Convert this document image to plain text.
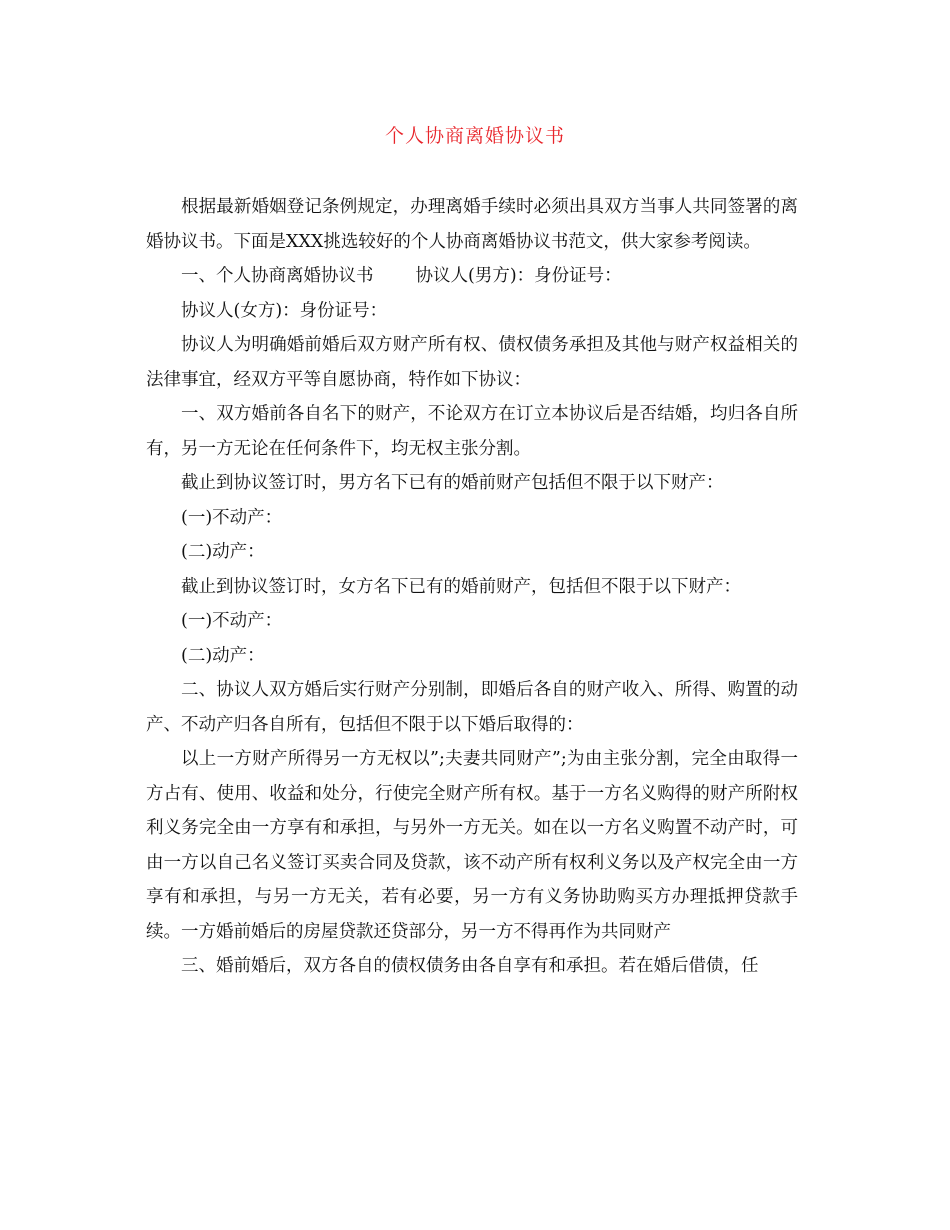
个人协商离婚协议书

根据最新婚姻登记条例规定，办理离婚手续时必须出具双方当事人共同签署的离婚协议书。下面是XXX挑选较好的个人协商离婚协议书范文，供大家参考阅读。

一、个人协商离婚协议书 协议人(男方)：身份证号：

协议人(女方)：身份证号：

协议人为明确婚前婚后双方财产所有权、债权债务承担及其他与财产权益相关的法律事宜，经双方平等自愿协商，特作如下协议：

一、双方婚前各自名下的财产，不论双方在订立本协议后是否结婚，均归各自所有，另一方无论在任何条件下，均无权主张分割。

截止到协议签订时，男方名下已有的婚前财产包括但不限于以下财产：

(一)不动产：

(二)动产：

截止到协议签订时，女方名下已有的婚前财产，包括但不限于以下财产：

(一)不动产：

(二)动产：

二、协议人双方婚后实行财产分别制，即婚后各自的财产收入、所得、购置的动产、不动产归各自所有，包括但不限于以下婚后取得的：

以上一方财产所得另一方无权以”;夫妻共同财产”;为由主张分割，完全由取得一方占有、使用、收益和处分，行使完全财产所有权。基于一方名义购得的财产所附权利义务完全由一方享有和承担，与另外一方无关。如在以一方名义购置不动产时，可由一方以自己名义签订买卖合同及贷款，该不动产所有权利义务以及产权完全由一方享有和承担，与另一方无关，若有必要，另一方有义务协助购买方办理抵押贷款手续。一方婚前婚后的房屋贷款还贷部分，另一方不得再作为共同财产

三、婚前婚后，双方各自的债权债务由各自享有和承担。若在婚后借债，任
